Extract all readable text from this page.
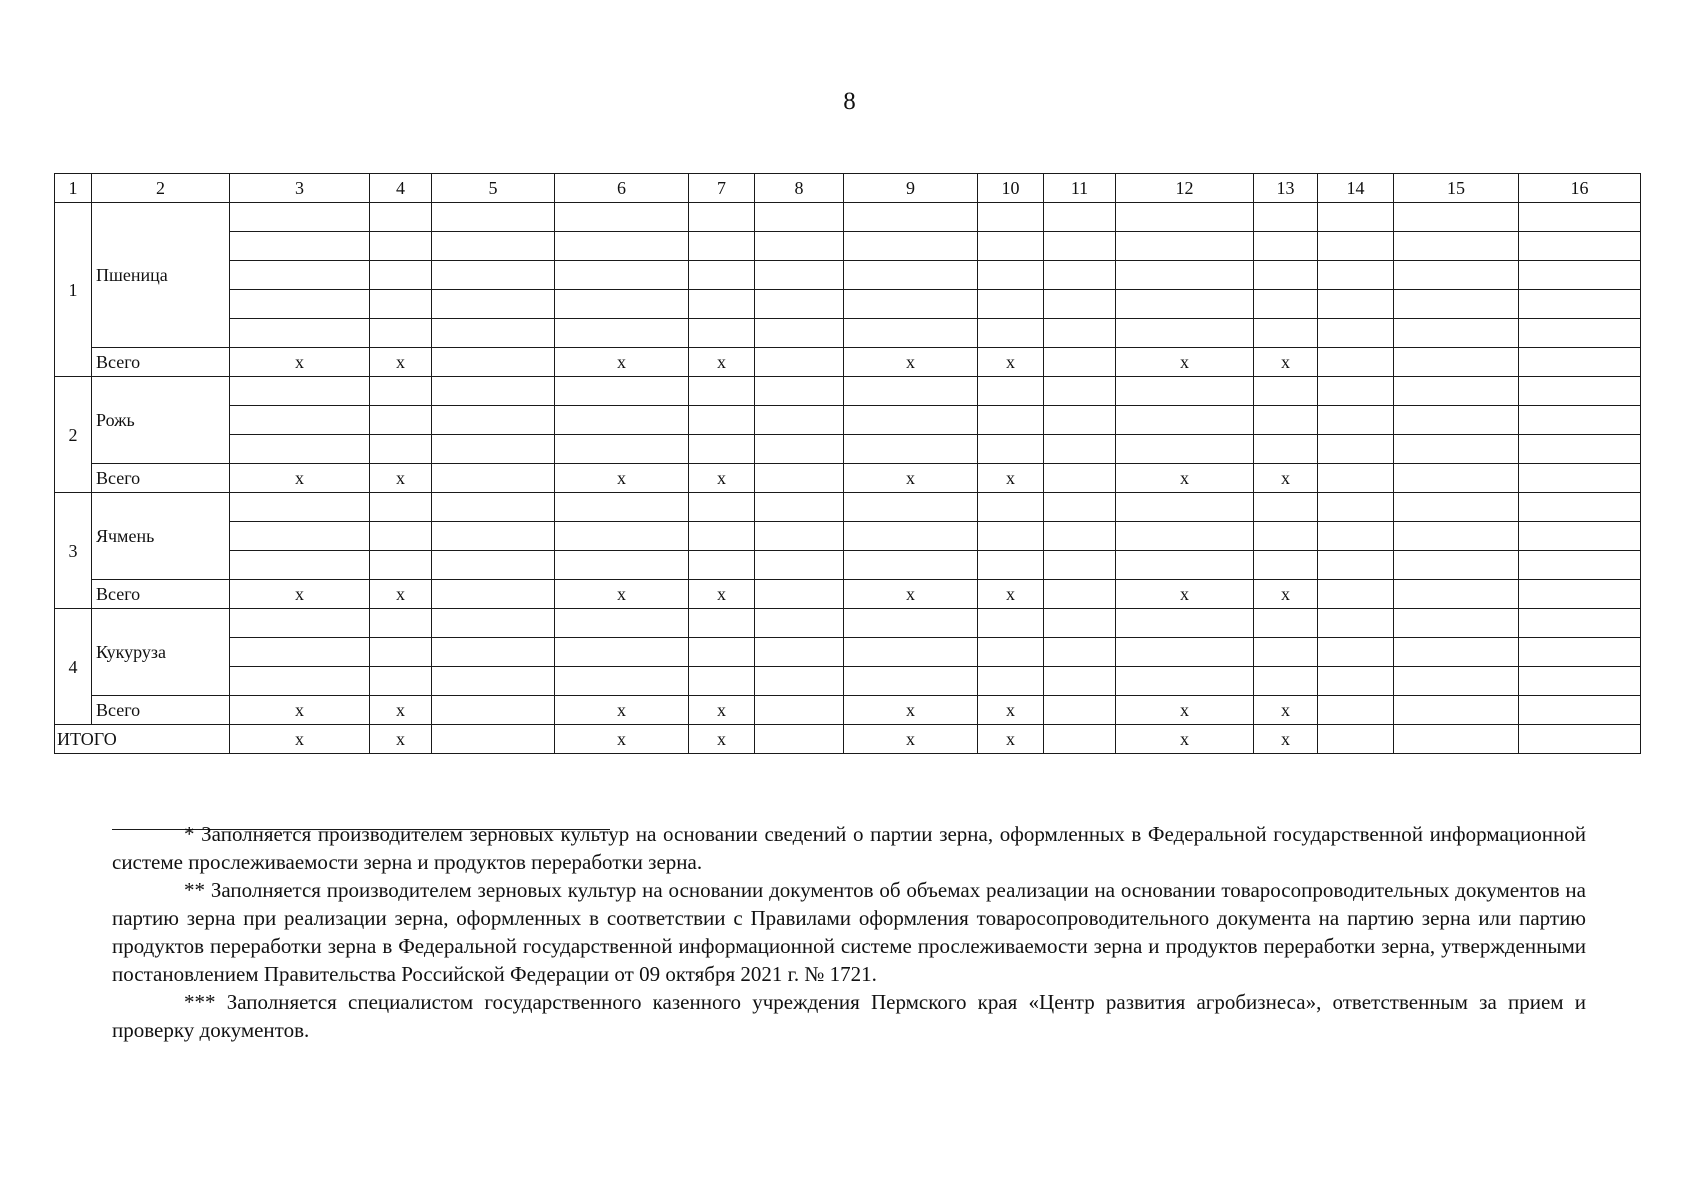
8
1	2	3	4	5	6	7	8	9	10	11	12	13	14	15	16
1	Пшеница														

	Всего	x	x		x	x		x	x		x	x			
2	Рожь														

	Всего	x	x		x	x		x	x		x	x			
3	Ячмень														

	Всего	x	x		x	x		x	x		x	x			
4	Кукуруза														

	Всего	x	x		x	x		x	x		x	x			
ИТОГО		x	x		x	x		x	x		x	x			

* Заполняется производителем зерновых культур на основании сведений о партии зерна, оформленных в Федеральной государственной информационной системе прослеживаемости зерна и продуктов переработки зерна.

** Заполняется производителем зерновых культур на основании документов об объемах реализации на основании товаросопроводительных документов на партию зерна при реализации зерна, оформленных в соответствии с Правилами оформления товаросопроводительного документа на партию зерна или партию продуктов переработки зерна в Федеральной государственной информационной системе прослеживаемости зерна и продуктов переработки зерна, утвержденными постановлением Правительства Российской Федерации от 09 октября 2021 г. № 1721.

*** Заполняется специалистом государственного казенного учреждения Пермского края «Центр развития агробизнеса», ответственным за прием и проверку документов.
